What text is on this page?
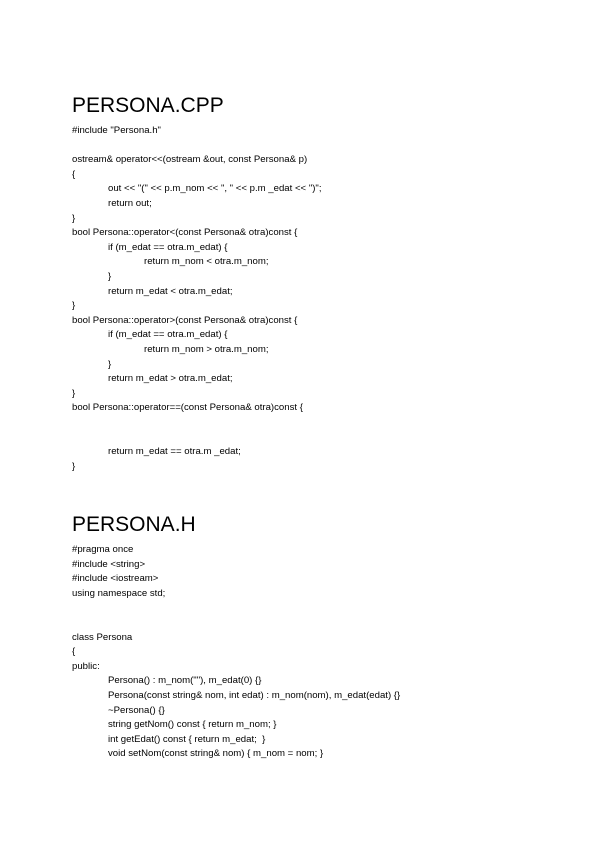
PERSONA.CPP
#include "Persona.h"
ostream& operator<<(ostream &out, const Persona& p)
{
out << "(" << p.m_nom << ", " << p.m _edat << ")";
return out;
}
bool Persona::operator<(const Persona& otra)const {
if (m_edat == otra.m_edat) {
return m_nom < otra.m_nom;
}
return m_edat < otra.m_edat;
}
bool Persona::operator>(const Persona& otra)const {
if (m_edat == otra.m_edat) {
return m_nom > otra.m_nom;
}
return m_edat > otra.m_edat;
}
bool Persona::operator==(const Persona& otra)const {
return m_edat == otra.m _edat;
}
PERSONA.H
#pragma once
#include <string>
#include <iostream>
using namespace std;
class Persona
{
public:
Persona() : m_nom(""), m_edat(0) {}
Persona(const string& nom, int edat) : m_nom(nom), m_edat(edat) {}
~Persona() {}
string getNom() const { return m_nom; }
int getEdat() const { return m_edat;  }
void setNom(const string& nom) { m_nom = nom; }
